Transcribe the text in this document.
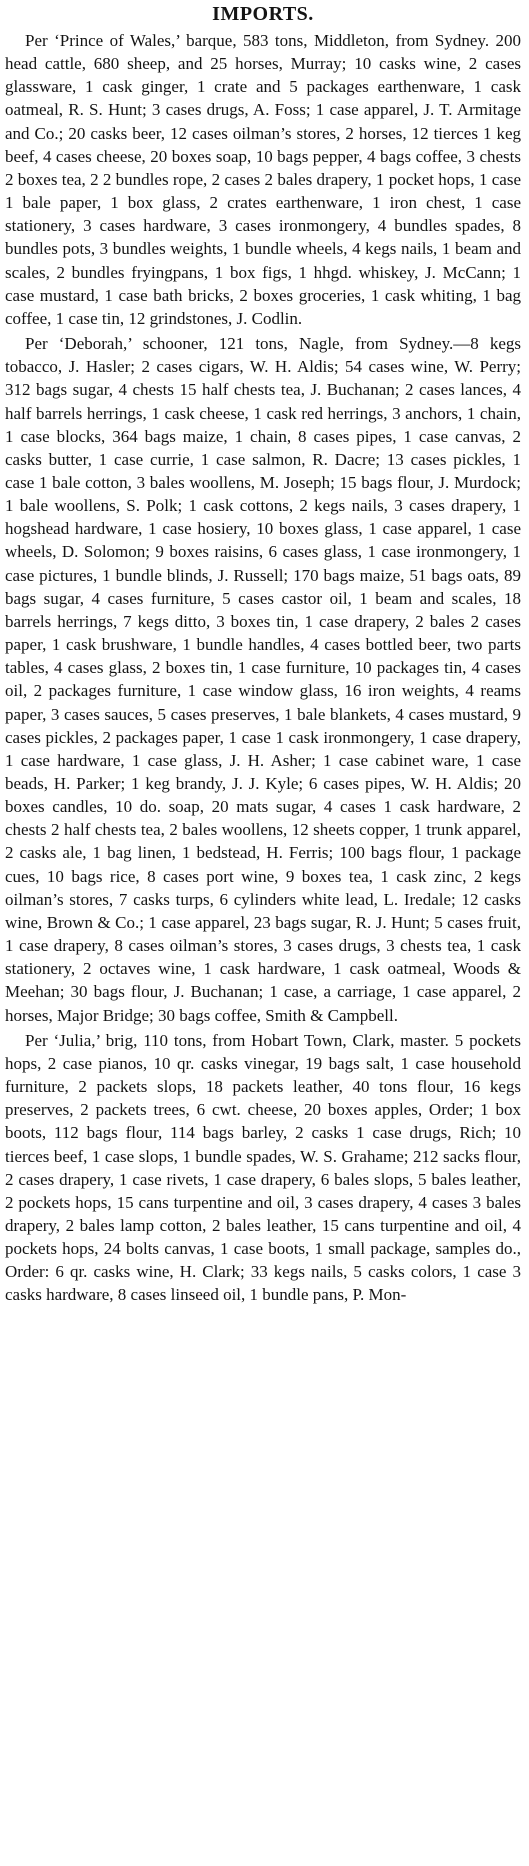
IMPORTS.

Per ‘Prince of Wales,’ barque, 583 tons, Middleton, from Sydney. 200 head cattle, 680 sheep, and 25 horses, Murray; 10 casks wine, 2 cases glassware, 1 cask ginger, 1 crate and 5 packages earthenware, 1 cask oatmeal, R. S. Hunt; 3 cases drugs, A. Foss; 1 case apparel, J. T. Armitage and Co.; 20 casks beer, 12 cases oilman’s stores, 2 horses, 12 tierces 1 keg beef, 4 cases cheese, 20 boxes soap, 10 bags pepper, 4 bags coffee, 3 chests 2 boxes tea, 2 2 bundles rope, 2 cases 2 bales drapery, 1 pocket hops, 1 case 1 bale paper, 1 box glass, 2 crates earthenware, 1 iron chest, 1 case stationery, 3 cases hardware, 3 cases ironmongery, 4 bundles spades, 8 bundles pots, 3 bundles weights, 1 bundle wheels, 4 kegs nails, 1 beam and scales, 2 bundles fryingpans, 1 box figs, 1 hhgd. whiskey, J. McCann; 1 case mustard, 1 case bath bricks, 2 boxes groceries, 1 cask whiting, 1 bag coffee, 1 case tin, 12 grindstones, J. Codlin.

Per ‘Deborah,’ schooner, 121 tons, Nagle, from Sydney.—8 kegs tobacco, J. Hasler; 2 cases cigars, W. H. Aldis; 54 cases wine, W. Perry; 312 bags sugar, 4 chests 15 half chests tea, J. Buchanan; 2 cases lances, 4 half barrels herrings, 1 cask cheese, 1 cask red herrings, 3 anchors, 1 chain, 1 case blocks, 364 bags maize, 1 chain, 8 cases pipes, 1 case canvas, 2 casks butter, 1 case currie, 1 case salmon, R. Dacre; 13 cases pickles, 1 case 1 bale cotton, 3 bales woollens, M. Joseph; 15 bags flour, J. Murdock; 1 bale woollens, S. Polk; 1 cask cottons, 2 kegs nails, 3 cases drapery, 1 hogshead hardware, 1 case hosiery, 10 boxes glass, 1 case apparel, 1 case wheels, D. Solomon; 9 boxes raisins, 6 cases glass, 1 case ironmongery, 1 case pictures, 1 bundle blinds, J. Russell; 170 bags maize, 51 bags oats, 89 bags sugar, 4 cases furniture, 5 cases castor oil, 1 beam and scales, 18 barrels herrings, 7 kegs ditto, 3 boxes tin, 1 case drapery, 2 bales 2 cases paper, 1 cask brushware, 1 bundle handles, 4 cases bottled beer, two parts tables, 4 cases glass, 2 boxes tin, 1 case furniture, 10 packages tin, 4 cases oil, 2 packages furniture, 1 case window glass, 16 iron weights, 4 reams paper, 3 cases sauces, 5 cases preserves, 1 bale blankets, 4 cases mustard, 9 cases pickles, 2 packages paper, 1 case 1 cask ironmongery, 1 case drapery, 1 case hardware, 1 case glass, J. H. Asher; 1 case cabinet ware, 1 case beads, H. Parker; 1 keg brandy, J. J. Kyle; 6 cases pipes, W. H. Aldis; 20 boxes candles, 10 do. soap, 20 mats sugar, 4 cases 1 cask hardware, 2 chests 2 half chests tea, 2 bales woollens, 12 sheets copper, 1 trunk apparel, 2 casks ale, 1 bag linen, 1 bedstead, H. Ferris; 100 bags flour, 1 package cues, 10 bags rice, 8 cases port wine, 9 boxes tea, 1 cask zinc, 2 kegs oilman’s stores, 7 casks turps, 6 cylinders white lead, L. Iredale; 12 casks wine, Brown & Co.; 1 case apparel, 23 bags sugar, R. J. Hunt; 5 cases fruit, 1 case drapery, 8 cases oilman’s stores, 3 cases drugs, 3 chests tea, 1 cask stationery, 2 octaves wine, 1 cask hardware, 1 cask oatmeal, Woods & Meehan; 30 bags flour, J. Buchanan; 1 case, a carriage, 1 case apparel, 2 horses, Major Bridge; 30 bags coffee, Smith & Campbell.

Per ‘Julia,’ brig, 110 tons, from Hobart Town, Clark, master. 5 pockets hops, 2 case pianos, 10 qr. casks vinegar, 19 bags salt, 1 case household furniture, 2 packets slops, 18 packets leather, 40 tons flour, 16 kegs preserves, 2 packets trees, 6 cwt. cheese, 20 boxes apples, Order; 1 box boots, 112 bags flour, 114 bags barley, 2 casks 1 case drugs, Rich; 10 tierces beef, 1 case slops, 1 bundle spades, W. S. Grahame; 212 sacks flour, 2 cases drapery, 1 case rivets, 1 case drapery, 6 bales slops, 5 bales leather, 2 pockets hops, 15 cans turpentine and oil, 3 cases drapery, 4 cases 3 bales drapery, 2 bales lamp cotton, 2 bales leather, 15 cans turpentine and oil, 4 pockets hops, 24 bolts canvas, 1 case boots, 1 small package, samples do., Order: 6 qr. casks wine, H. Clark; 33 kegs nails, 5 casks colors, 1 case 3 casks hardware, 8 cases linseed oil, 1 bundle pans, P. Mon-
